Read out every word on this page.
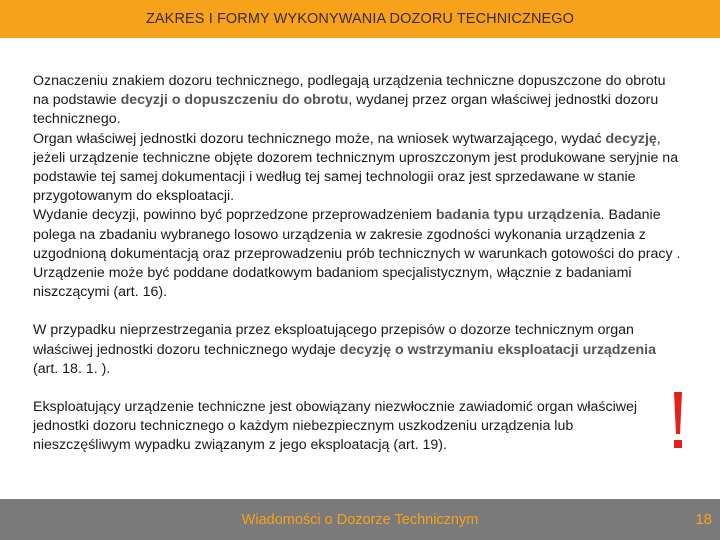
ZAKRES I FORMY WYKONYWANIA DOZORU TECHNICZNEGO

Oznaczeniu znakiem dozoru technicznego, podlegają urządzenia techniczne dopuszczone do obrotu na podstawie decyzji o dopuszczeniu do obrotu, wydanej przez organ właściwej jednostki dozoru technicznego.
Organ właściwej jednostki dozoru technicznego może, na wniosek wytwarzającego, wydać decyzję, jeżeli urządzenie techniczne objęte dozorem technicznym uproszczonym jest produkowane seryjnie na podstawie tej samej dokumentacji i według tej samej technologii oraz jest sprzedawane w stanie przygotowanym do eksploatacji.
Wydanie decyzji, powinno być poprzedzone przeprowadzeniem badania typu urządzenia. Badanie polega na zbadaniu wybranego losowo urządzenia w zakresie zgodności wykonania urządzenia z uzgodnioną dokumentacją oraz przeprowadzeniu prób technicznych w warunkach gotowości do pracy . Urządzenie może być poddane dodatkowym badaniom specjalistycznym, włącznie z badaniami niszczącymi (art. 16).

W przypadku nieprzestrzegania przez eksploatującego przepisów o dozorze technicznym organ właściwej jednostki dozoru technicznego wydaje decyzję o wstrzymaniu eksploatacji urządzenia (art. 18. 1. ).

Eksploatujący urządzenie techniczne jest obowiązany niezwłocznie zawiadomić organ właściwej jednostki dozoru technicznego o każdym niebezpiecznym uszkodzeniu urządzenia lub nieszczęśliwym wypadku związanym z jego eksploatacją (art. 19).

Wiadomości o Dozorze Technicznym	18
